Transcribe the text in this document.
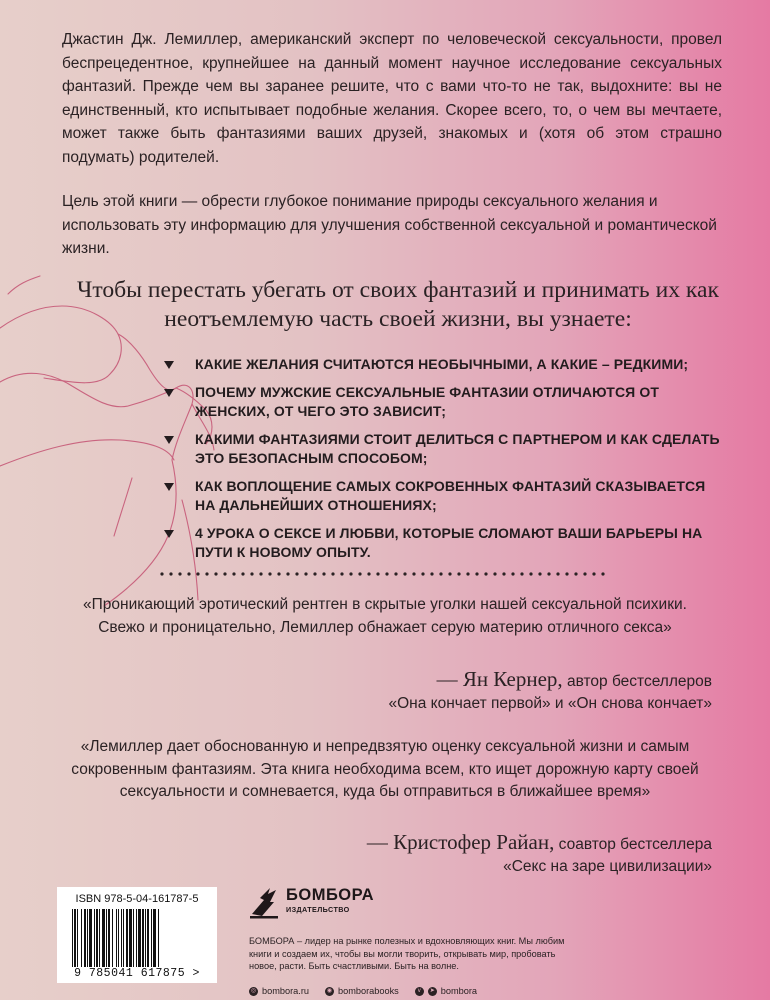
Джастин Дж. Лемиллер, американский эксперт по человеческой сексуальности, провел беспрецедентное, крупнейшее на данный момент научное исследование сексуальных фантазий. Прежде чем вы заранее решите, что с вами что-то не так, выдохните: вы не единственный, кто испытывает подобные желания. Скорее всего, то, о чем вы мечтаете, может также быть фантазиями ваших друзей, знакомых и (хотя об этом страшно подумать) родителей.

Цель этой книги — обрести глубокое понимание природы сексуального желания и использовать эту информацию для улучшения собственной сексуальной и романтической жизни.

Чтобы перестать убегать от своих фантазий и принимать их как неотъемлемую часть своей жизни, вы узнаете:

КАКИЕ ЖЕЛАНИЯ СЧИТАЮТСЯ НЕОБЫЧНЫМИ, А КАКИЕ – РЕДКИМИ;
ПОЧЕМУ МУЖСКИЕ СЕКСУАЛЬНЫЕ ФАНТАЗИИ ОТЛИЧАЮТСЯ ОТ ЖЕНСКИХ, ОТ ЧЕГО ЭТО ЗАВИСИТ;
КАКИМИ ФАНТАЗИЯМИ СТОИТ ДЕЛИТЬСЯ С ПАРТНЕРОМ И КАК СДЕЛАТЬ ЭТО БЕЗОПАСНЫМ СПОСОБОМ;
КАК ВОПЛОЩЕНИЕ САМЫХ СОКРОВЕННЫХ ФАНТАЗИЙ СКАЗЫВАЕТСЯ НА ДАЛЬНЕЙШИХ ОТНОШЕНИЯХ;
4 УРОКА О СЕКСЕ И ЛЮБВИ, КОТОРЫЕ СЛОМАЮТ ВАШИ БАРЬЕРЫ НА ПУТИ К НОВОМУ ОПЫТУ.

«Проникающий эротический рентген в скрытые уголки нашей сексуальной психики. Свежо и проницательно, Лемиллер обнажает серую материю отличного секса»

— Ян Кернер, автор бестселлеров
«Она кончает первой» и «Он снова кончает»

«Лемиллер дает обоснованную и непредвзятую оценку сексуальной жизни и самым сокровенным фантазиям. Эта книга необходима всем, кто ищет дорожную карту своей сексуальности и сомневается, куда бы отправиться в ближайшее время»

— Кристофер Райан, соавтор бестселлера
«Секс на заре цивилизации»

ISBN 978-5-04-161787-5
9 785041 617875 >
БОМБОРА
ИЗДАТЕЛЬСТВО

БОМБОРА – лидер на рынке полезных и вдохновляющих книг. Мы любим книги и создаем их, чтобы вы могли творить, открывать мир, пробовать новое, расти. Быть счастливыми. Быть на волне.

◎ bombora.ru	◉ bomborabooks	v	➤ bombora
